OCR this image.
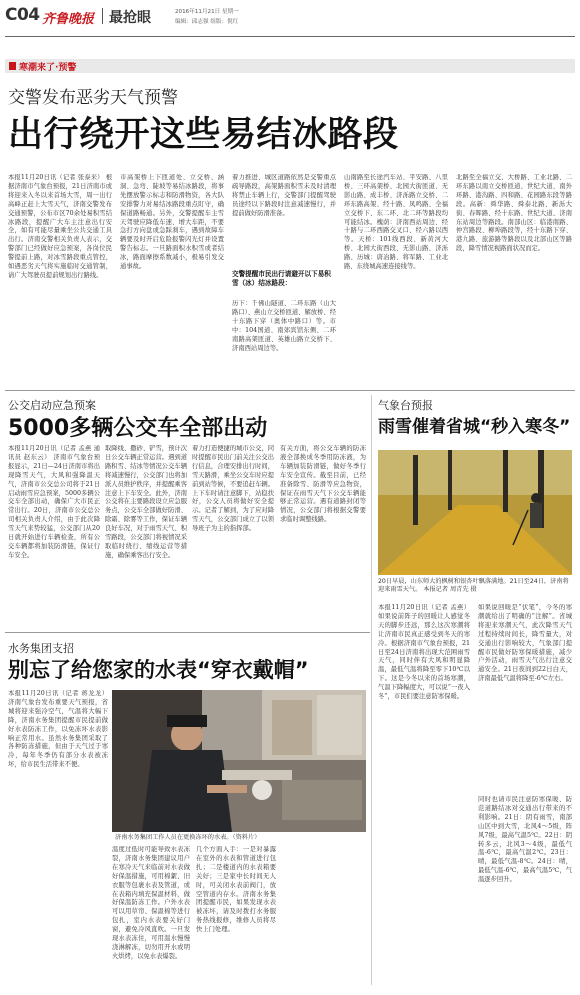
C04 齐鲁晚报 最抢眼	2016年11月21日 星期一
编辑：邱志强 组版：倪红
寒潮来了·预警
交警发布恶劣天气预警
出行绕开这些易结冰路段
本报11月20日讯（记者 张泰来） 根据济南市气象台预报，21日济南市或将迎来入冬以来首场大雪，周一出行高峰正赶上大雪天气，济南交警发布交通预警，公布市区70余处易积雪结冰路段，提醒广大车主注意出行安全，如有可能尽量乘坐公共交通工具出行。济南交警相关负责人表示，交警部门已经做好应急预案，各岗位民警提前上路，对冰雪路段重点管控，如遇恶劣天气将实施临时交通管制，请广大驾驶员提前规划出行路线。
市高架桥上下匝道处、立交桥、涵洞、急弯、陡坡等易结冰路段，将事先摆放警示标志和防滑物资，各大队安排警力对易结冰路段重点盯守，确保道路畅通。另外，交警提醒车主雪天驾驶应降低车速、增大车距，不要急打方向盘或急踩刹车，遇到故障车辆要及时开启危险报警闪光灯并设置警告标志。一旦路面积水积雪或者结冰，路面摩擦系数减小，极易引发交通事故。
着力推进、城区道路依然是交警重点疏导路段，高架路面积雪未及时清理将禁止车辆上行，交警部门提醒驾驶员途经以下路段时注意减速慢行，并提前做好防滑准备。
交警提醒市民出行请避开以下易积雪（冰）结冰路段：
历下：千佛山隧道、二环东路（山大路口）、燕山立交桥匝道、解放桥、经十东路下穿（奥体中路口）等。市中：104国道、南郊宾馆东侧、二环南路高架匝道、英雄山路立交桥下、济南西站周边等。
山南路至长途汽车站、平安路、八里桥、三环高架桥、北园大街匝道、无影山路、成丰桥、济泺路立交桥、二环东路高架、经十路、凤鸣路、全福立交桥下、东二环、北二环等路段均可能结冰。槐荫：济南西站周边、经十路与二环西路交叉口、经六路以西等。天桥：101线西段、新黄河大桥、北园大街西段、无影山路、济泺路、历城：唐冶路、将军路、工业北路、东绕城高速连接线等。
北路至全福立交、大桥路、工业北路、二环东路以南立交桥匝道、世纪大道、南外环路、港沟路、四和路、花园路东段等路段。高新：舜华路、舜泰北路、新泺大街、春晖路、经十东路、世纪大道、济南东站周边等路段。南部山区：临港南路、仲宫路段、柳埠路段等，经十东路下穿、港九路、旅游路等路段以及北部山区等路段，降雪情况视路面状况而定。
公交启动应急预案
5000多辆公交车全部出动
本报11月20日讯（记者 孟燕 通讯员 赵东云） 济南市气象台预报显示，21日—24日济南市将出现降雪天气，大风和强降温天气，济南市公交总公司将于21日启动雨雪应急预案，5000多辆公交车全部出动，确保广大市民正常出行。20日，济南市公交总公司相关负责人介绍，由于此次降雪天气来势较猛，公交部门从20日就开始进行车辆检查，所有公交车辆都将加装防滑链，保证行车安全。
取降线、撒砂、铲雪，预计次日公交车辆正常运营。遇到道路积雪、结冰等情况公交车辆将减速慢行，公交部门也将加派人员维护秩序，并提醒乘客注意上下车安全。此外，济南公交将在主要路段设立应急服务点，公交车全部做好防滑、除霜、除雾等工作，保证车辆良好车况，对于雨雪天气、积雪路段，公交部门将视情况采取临时绕行、缩线运营等措施，确保乘客出行安全。
着力打造便捷的城市公交，同时提醒市民出门前关注公交出行信息，合理安排出行时间，雪天路滑，乘坐公交车时应提前到站等候，不要追赶车辆。上下车时请注意脚下，站稳扶好，公交人员将做好安全提示。记者了解到，为了应对降雪天气，公交部门成立了以领导班子为主的指挥部。
有关方面，将公交车辆的防冻液全部换成冬季用防冻液，为车辆加装防滑链，做好冬季行车安全宣传。截至目前，已经准备除雪、防滑等应急物资，保证在雨雪天气下公交车辆能够正常运营。遇有道路封闭等情况，公交部门将根据交警要求临时调整线路。
水务集团支招
别忘了给您家的水表“穿衣戴帽”
本报11月20日讯（记者 蒋龙龙） 济南气象台发布重要天气预报，省城将迎来强冷空气，气温将大幅下降，济南水务集团提醒市民提前做好水表防冻工作，以免冻坏水表影响正常用水。虽然水务集团采取了各种防冻措施，但由于天气过于寒冷，每年冬季仍有部分水表被冻坏，给市民生活带来不便。
济南水务集团工作人员在更换冻坏的水表。（资料片）
温度过低时可能导致水表冻裂，济南水务集团建议用户在寒冷天气来临前对水表做好保温措施，可用棉絮、旧衣服等包裹水表及管道，或在表箱内填充保温材料，做好保温防冻工作。户外水表可以用草帘、保温棉等进行包扎，室内水表要关好门窗，避免冷风直吹。一旦发现水表冻住，可用温水慢慢浇淋解冻，切勿用开水或明火烘烤，以免水表爆裂。
几个方面入手：一是对暴露在室外的水表和管道进行包扎；二是楼道内的水表箱要关好；三是家中长时间无人时，可关闭水表前阀门，放空管道内存水。济南水务集团提醒市民，如果发现水表被冻坏，请及时拨打水务服务热线报修，维修人员将尽快上门处理。
气象台预报
雨雪催着省城“秒入寒冬”
20日早晨，山东师大的枫树和银杏叶飘落满地。21日至24日，济南将迎来雨雪天气。 本报记者 周青先 摄
本报11月20日讯（记者 孟燕） 如果说前阵子的回暖让人感觉冬天的脚步还远，那么这次寒潮将让济南市民真正感受到冬天的寒冷。根据济南市气象台预报，21日至24日济南将出现大范围雨雪天气，同时伴有大风和明显降温，最低气温将降至零下10℃以下。这是今冬以来的首场寒潮，气温下降幅度大，可以说“一夜入冬”，市民们要注意防寒保暖。
如果说回暖是“伏笔”，今冬的寒潮就给出了明确的“注解”。省城将迎来寒潮天气，此次降雪天气过程持续时间长，降雪量大，对交通出行影响较大，气象部门提醒市民做好防寒保暖措施，减少户外活动，雨雪天气出行注意交通安全。21日夜间到22日白天，济南最低气温将降至-6℃左右。
同时也请市民注意防寒保暖、防范道路结冰对交通出行带来的不利影响。21日：阴有雨雪，南部山区中到大雪，北风4～5级，阵风7级，最高气温5℃。22日：阴转多云，北风3～4级，最低气温-6℃，最高气温2℃。23日：晴，最低气温-8℃。24日：晴，最低气温-6℃，最高气温5℃，气温逐步回升。
